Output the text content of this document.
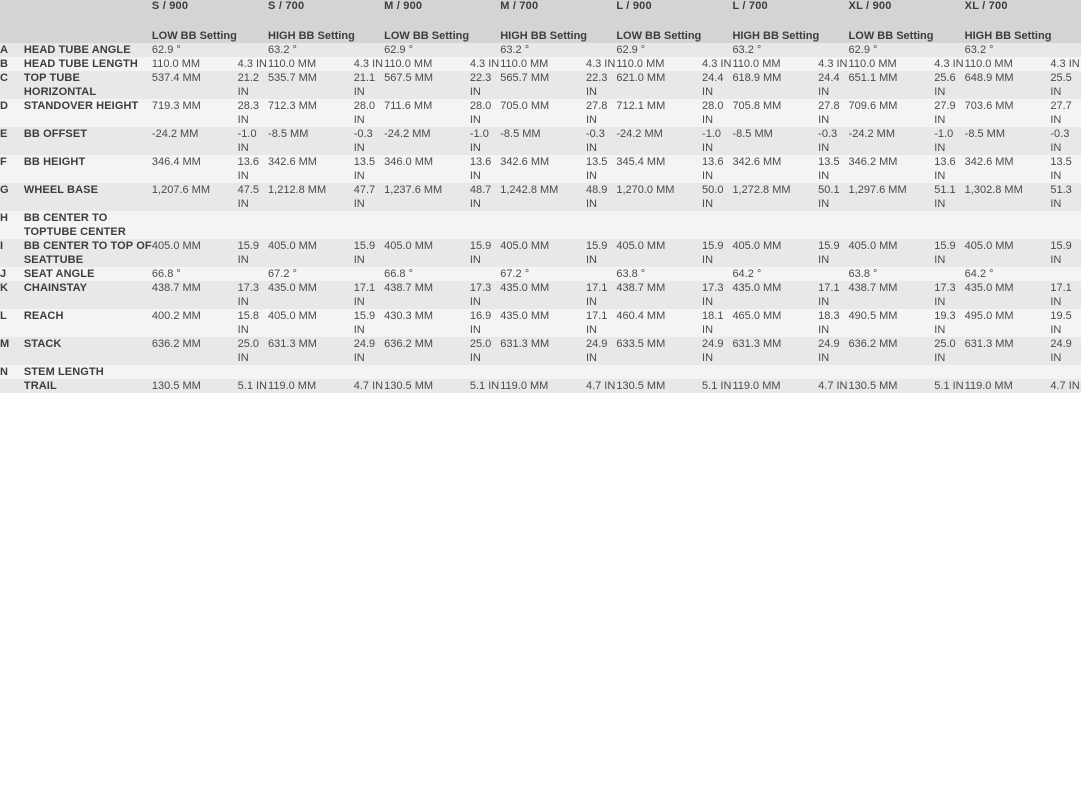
		S / 900		S / 700		M / 900		M / 700		L / 900		L / 700		XL / 900		XL / 700	
		LOW BB Setting		HIGH BB Setting		LOW BB Setting		HIGH BB Setting		LOW BB Setting		HIGH BB Setting		LOW BB Setting		HIGH BB Setting	
A	HEAD TUBE ANGLE	62.9 °		63.2 °		62.9 °		63.2 °		62.9 °		63.2 °		62.9 °		63.2 °	
B	HEAD TUBE LENGTH	110.0 MM	4.3 IN	110.0 MM	4.3 IN	110.0 MM	4.3 IN	110.0 MM	4.3 IN	110.0 MM	4.3 IN	110.0 MM	4.3 IN	110.0 MM	4.3 IN	110.0 MM	4.3 IN
C	TOP TUBE HORIZONTAL	537.4 MM	21.2 IN	535.7 MM	21.1 IN	567.5 MM	22.3 IN	565.7 MM	22.3 IN	621.0 MM	24.4 IN	618.9 MM	24.4 IN	651.1 MM	25.6 IN	648.9 MM	25.5 IN
D	STANDOVER HEIGHT	719.3 MM	28.3 IN	712.3 MM	28.0 IN	711.6 MM	28.0 IN	705.0 MM	27.8 IN	712.1 MM	28.0 IN	705.8 MM	27.8 IN	709.6 MM	27.9 IN	703.6 MM	27.7 IN
E	BB OFFSET	-24.2 MM	-1.0 IN	-8.5 MM	-0.3 IN	-24.2 MM	-1.0 IN	-8.5 MM	-0.3 IN	-24.2 MM	-1.0 IN	-8.5 MM	-0.3 IN	-24.2 MM	-1.0 IN	-8.5 MM	-0.3 IN
F	BB HEIGHT	346.4 MM	13.6 IN	342.6 MM	13.5 IN	346.0 MM	13.6 IN	342.6 MM	13.5 IN	345.4 MM	13.6 IN	342.6 MM	13.5 IN	346.2 MM	13.6 IN	342.6 MM	13.5 IN
G	WHEEL BASE	1,207.6 MM	47.5 IN	1,212.8 MM	47.7 IN	1,237.6 MM	48.7 IN	1,242.8 MM	48.9 IN	1,270.0 MM	50.0 IN	1,272.8 MM	50.1 IN	1,297.6 MM	51.1 IN	1,302.8 MM	51.3 IN
H	BB CENTER TO TOPTUBE CENTER																
I	BB CENTER TO TOP OF SEATTUBE	405.0 MM	15.9 IN	405.0 MM	15.9 IN	405.0 MM	15.9 IN	405.0 MM	15.9 IN	405.0 MM	15.9 IN	405.0 MM	15.9 IN	405.0 MM	15.9 IN	405.0 MM	15.9 IN
J	SEAT ANGLE	66.8 °		67.2 °		66.8 °		67.2 °		63.8 °		64.2 °		63.8 °		64.2 °	
K	CHAINSTAY	438.7 MM	17.3 IN	435.0 MM	17.1 IN	438.7 MM	17.3 IN	435.0 MM	17.1 IN	438.7 MM	17.3 IN	435.0 MM	17.1 IN	438.7 MM	17.3 IN	435.0 MM	17.1 IN
L	REACH	400.2 MM	15.8 IN	405.0 MM	15.9 IN	430.3 MM	16.9 IN	435.0 MM	17.1 IN	460.4 MM	18.1 IN	465.0 MM	18.3 IN	490.5 MM	19.3 IN	495.0 MM	19.5 IN
M	STACK	636.2 MM	25.0 IN	631.3 MM	24.9 IN	636.2 MM	25.0 IN	631.3 MM	24.9 IN	633.5 MM	24.9 IN	631.3 MM	24.9 IN	636.2 MM	25.0 IN	631.3 MM	24.9 IN
N	STEM LENGTH																
	TRAIL	130.5 MM	5.1 IN	119.0 MM	4.7 IN	130.5 MM	5.1 IN	119.0 MM	4.7 IN	130.5 MM	5.1 IN	119.0 MM	4.7 IN	130.5 MM	5.1 IN	119.0 MM	4.7 IN
